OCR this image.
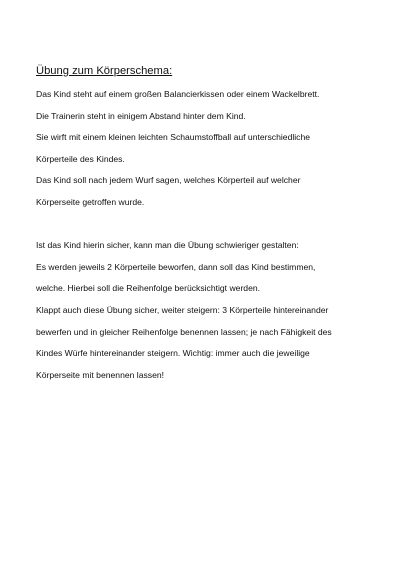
Übung zum Körperschema:

Das Kind steht auf einem großen Balancierkissen oder einem Wackelbrett.

Die Trainerin steht in einigem Abstand hinter dem Kind.

Sie wirft mit einem kleinen leichten Schaumstoffball auf unterschiedliche

Körperteile des Kindes.

Das Kind soll nach jedem Wurf sagen, welches Körperteil auf welcher

Körperseite getroffen wurde.

Ist das Kind hierin sicher, kann man die Übung schwieriger gestalten:

Es werden jeweils 2 Körperteile beworfen, dann soll das Kind bestimmen,

welche. Hierbei soll die Reihenfolge berücksichtigt werden.

Klappt auch diese Übung sicher, weiter steigern: 3 Körperteile hintereinander

bewerfen und in gleicher Reihenfolge benennen lassen; je nach Fähigkeit des

Kindes Würfe hintereinander steigern. Wichtig: immer auch die jeweilige

Körperseite mit benennen lassen!
